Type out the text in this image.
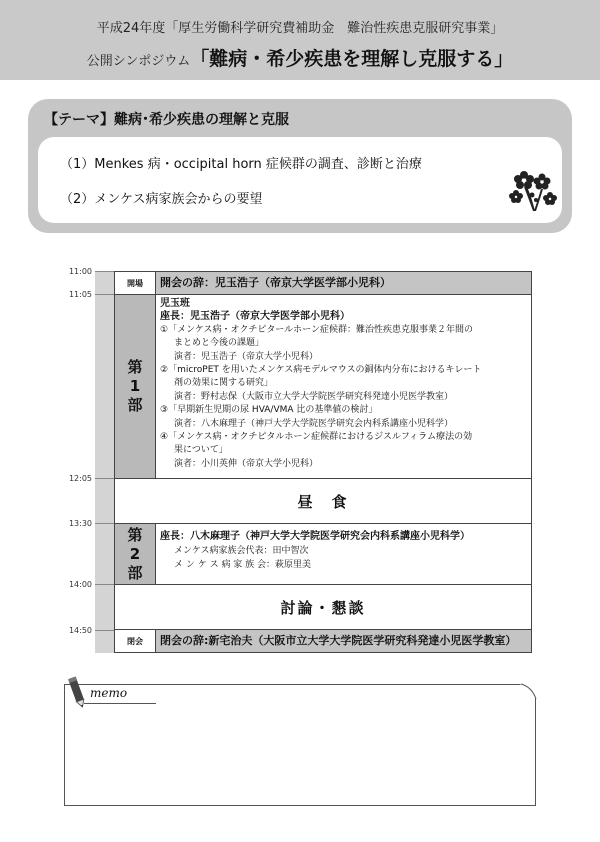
平成24年度「厚生労働科学研究費補助金　難治性疾患克服研究事業」
公開シンポジウム「難病・希少疾患を理解し克服する」
【テーマ】難病･希少疾患の理解と克服
（1）Menkes 病・occipital horn 症候群の調査、診断と治療
（2）メンケス病家族会からの要望
11:00
11:05
12:05
13:30
14:00
14:50
開場	開会の辞：児玉浩子（帝京大学医学部小児科）
第
1
部
児玉班
座長：児玉浩子（帝京大学医学部小児科）
①「メンケス病・オクチピタールホーン症候群：難治性疾患克服事業２年間の
まとめと今後の課題」
演者：児玉浩子（帝京大学小児科）
②「microPET を用いたメンケス病モデルマウスの銅体内分布におけるキレート
剤の効果に関する研究」
演者：野村志保（大阪市立大学大学院医学研究科発達小児医学教室）
③「早期新生児期の尿 HVA/VMA 比の基準値の検討」
演者：八木麻理子（神戸大学大学院医学研究会内科系講座小児科学）
④「メンケス病・オクチピタルホーン症候群におけるジスルフィラム療法の効
果について」
演者：小川英伸（帝京大学小児科）
昼　食
第
2
部
座長：八木麻理子（神戸大学大学院医学研究会内科系講座小児科学）
メンケス病家族会代表：田中智次
メ ン ケ ス 病 家 族 会：萩原里美
討論・懇談
閉会	閉会の辞:新宅治夫（大阪市立大学大学院医学研究科発達小児医学教室）
memo
